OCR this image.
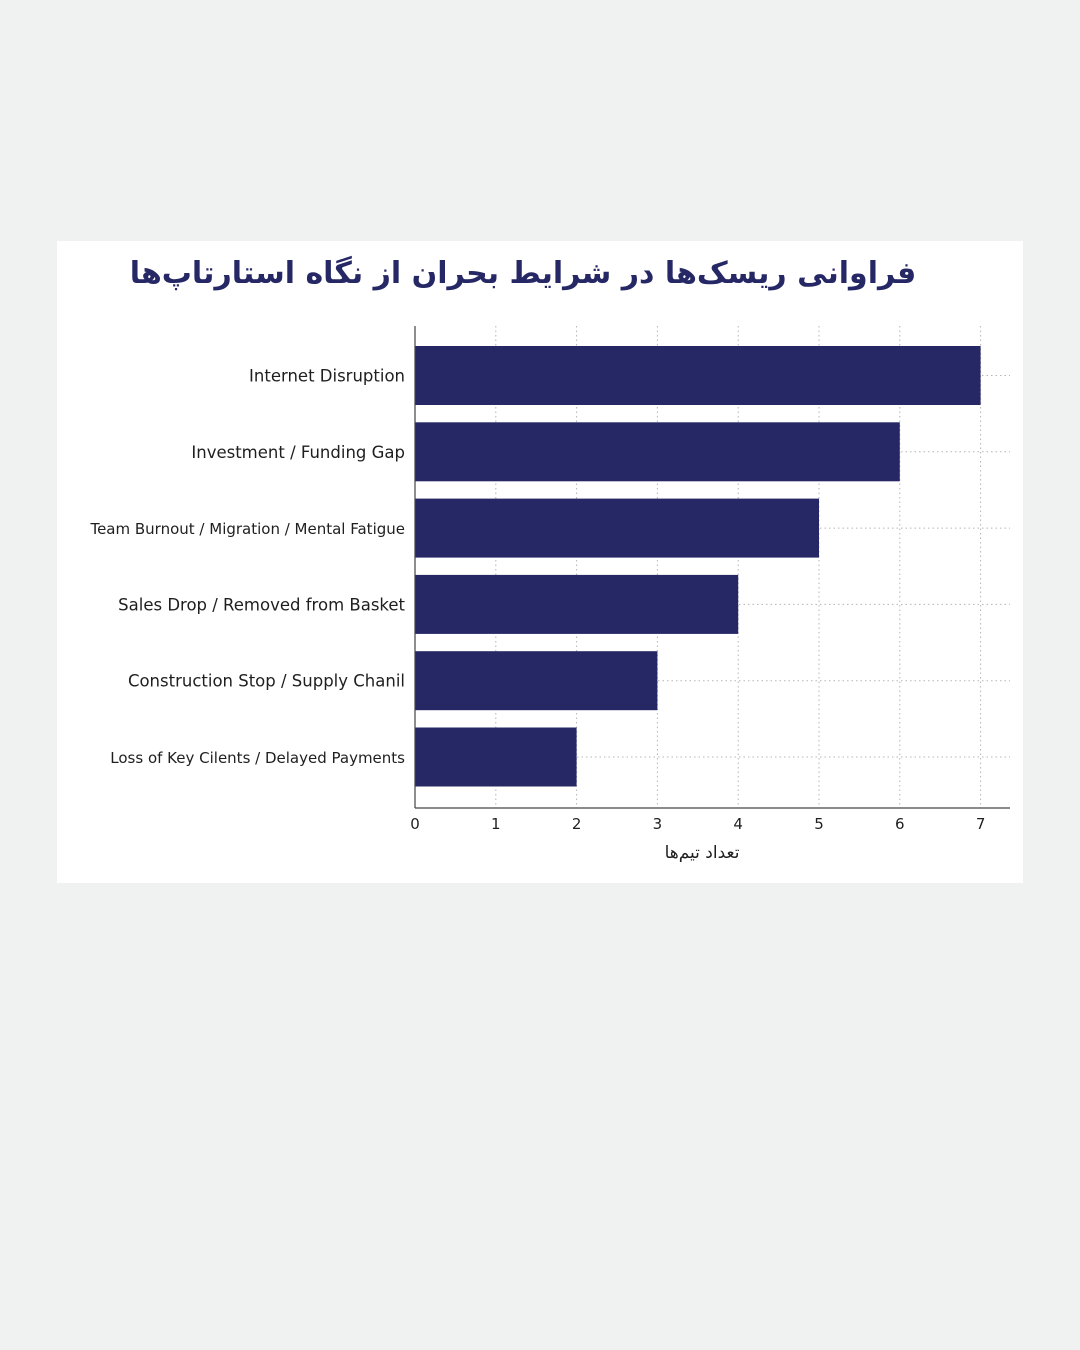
فراوانی ریسک‌ها در شرایط بحران از نگاه استارتاپ‌ها
Internet Disruption
Investment / Funding Gap
Team Burnout / Migration / Mental Fatigue
Sales Drop / Removed from Basket
Construction Stop / Supply Chanil
Loss of Key Cilents / Delayed Payments
0	1	2	3	4	5	6	7
تعداد تیم‌ها
